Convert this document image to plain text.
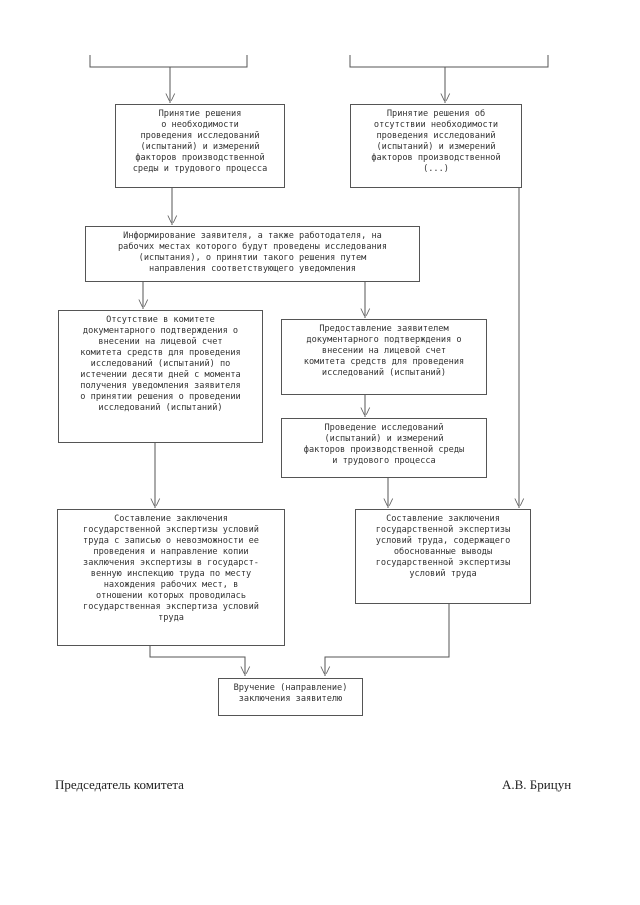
\/	\/
\/
\/
\/
\/
\/	\/	\/
\/	\/
Принятие решения
о необходимости
проведения исследований
(испытаний) и измерений
факторов производственной
среды и трудового процесса
Принятие решения об
отсутствии необходимости
проведения исследований
(испытаний) и измерений
факторов производственной
(...)
Информирование заявителя, а также работодателя, на
рабочих местах которого будут проведены исследования
(испытания), о принятии такого решения путем
направления соответствующего уведомления
Отсутствие в комитете
документарного подтверждения о
внесении на лицевой счет
комитета средств для проведения
исследований (испытаний) по
истечении десяти дней с момента
получения уведомления заявителя
о принятии решения о проведении
исследований (испытаний)
Предоставление заявителем
документарного подтверждения о
внесении на лицевой счет
комитета средств для проведения
исследований (испытаний)
Проведение исследований
(испытаний) и измерений
факторов производственной среды
и трудового процесса
Составление заключения
государственной экспертизы условий
труда с записью о невозможности ее
проведения и направление копии
заключения экспертизы в государст-
венную инспекцию труда по месту
нахождения рабочих мест, в
отношении которых проводилась
государственная экспертиза условий
труда
Составление заключения
государственной экспертизы
условий труда, содержащего
обоснованные выводы
государственной экспертизы
условий труда
Вручение (направление)
заключения заявителю
Председатель комитета	А.В. Брицун
